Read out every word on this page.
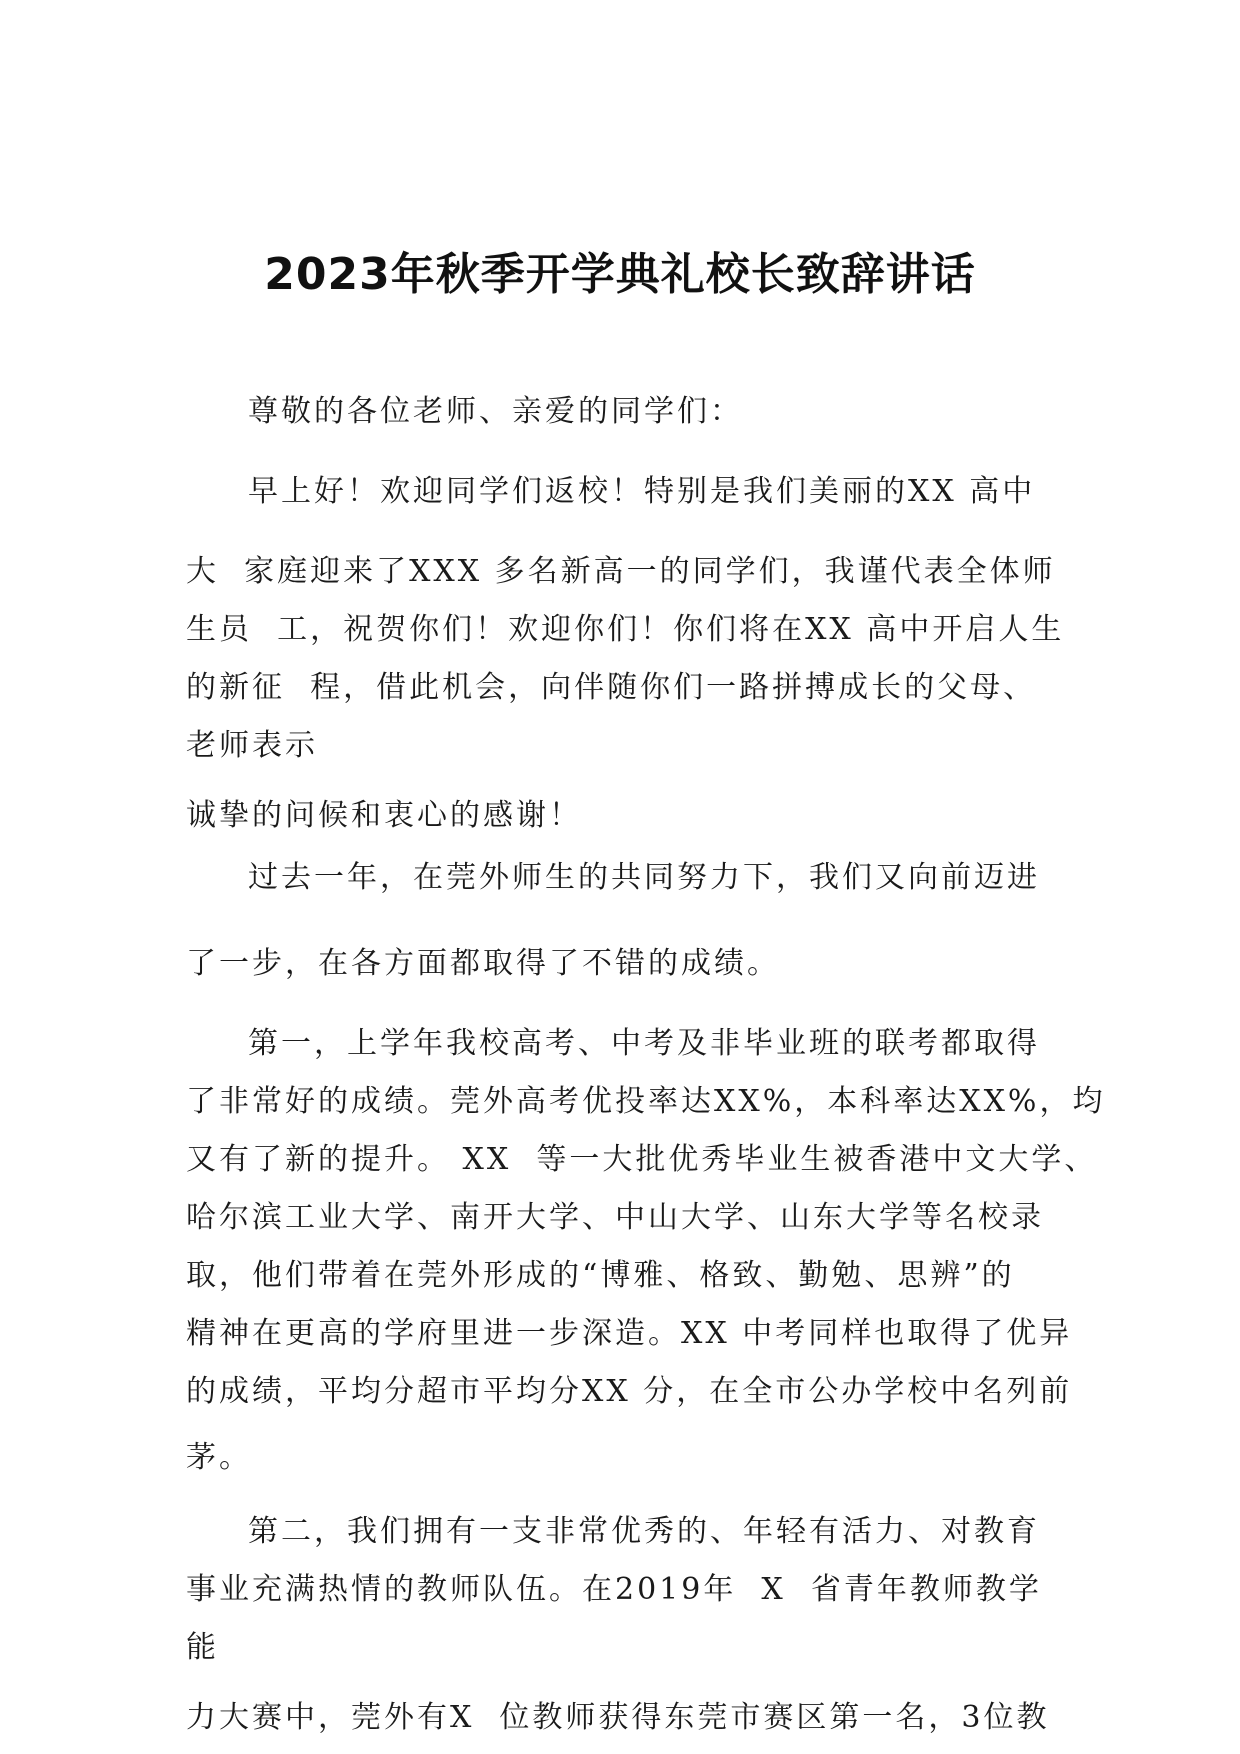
2023年秋季开学典礼校长致辞讲话
尊敬的各位老师、亲爱的同学们：
早上好！欢迎同学们返校！特别是我们美丽的XX 高中
大  家庭迎来了XXX 多名新高一的同学们，我谨代表全体师
生员  工，祝贺你们！欢迎你们！你们将在XX 高中开启人生
的新征  程，借此机会，向伴随你们一路拼搏成长的父母、
老师表示
诚挚的问候和衷心的感谢！
过去一年，在莞外师生的共同努力下，我们又向前迈进
了一步，在各方面都取得了不错的成绩。
第一，上学年我校高考、中考及非毕业班的联考都取得
了非常好的成绩。莞外高考优投率达XX%，本科率达XX%，均
又有了新的提升。 XX  等一大批优秀毕业生被香港中文大学、
哈尔滨工业大学、南开大学、中山大学、山东大学等名校录
取，他们带着在莞外形成的“博雅、格致、勤勉、思辨”的
精神在更高的学府里进一步深造。XX 中考同样也取得了优异
的成绩，平均分超市平均分XX 分，在全市公办学校中名列前
茅。
第二，我们拥有一支非常优秀的、年轻有活力、对教育
事业充满热情的教师队伍。在2019年  X  省青年教师教学
能
力大赛中，莞外有X  位教师获得东莞市赛区第一名，3位教
